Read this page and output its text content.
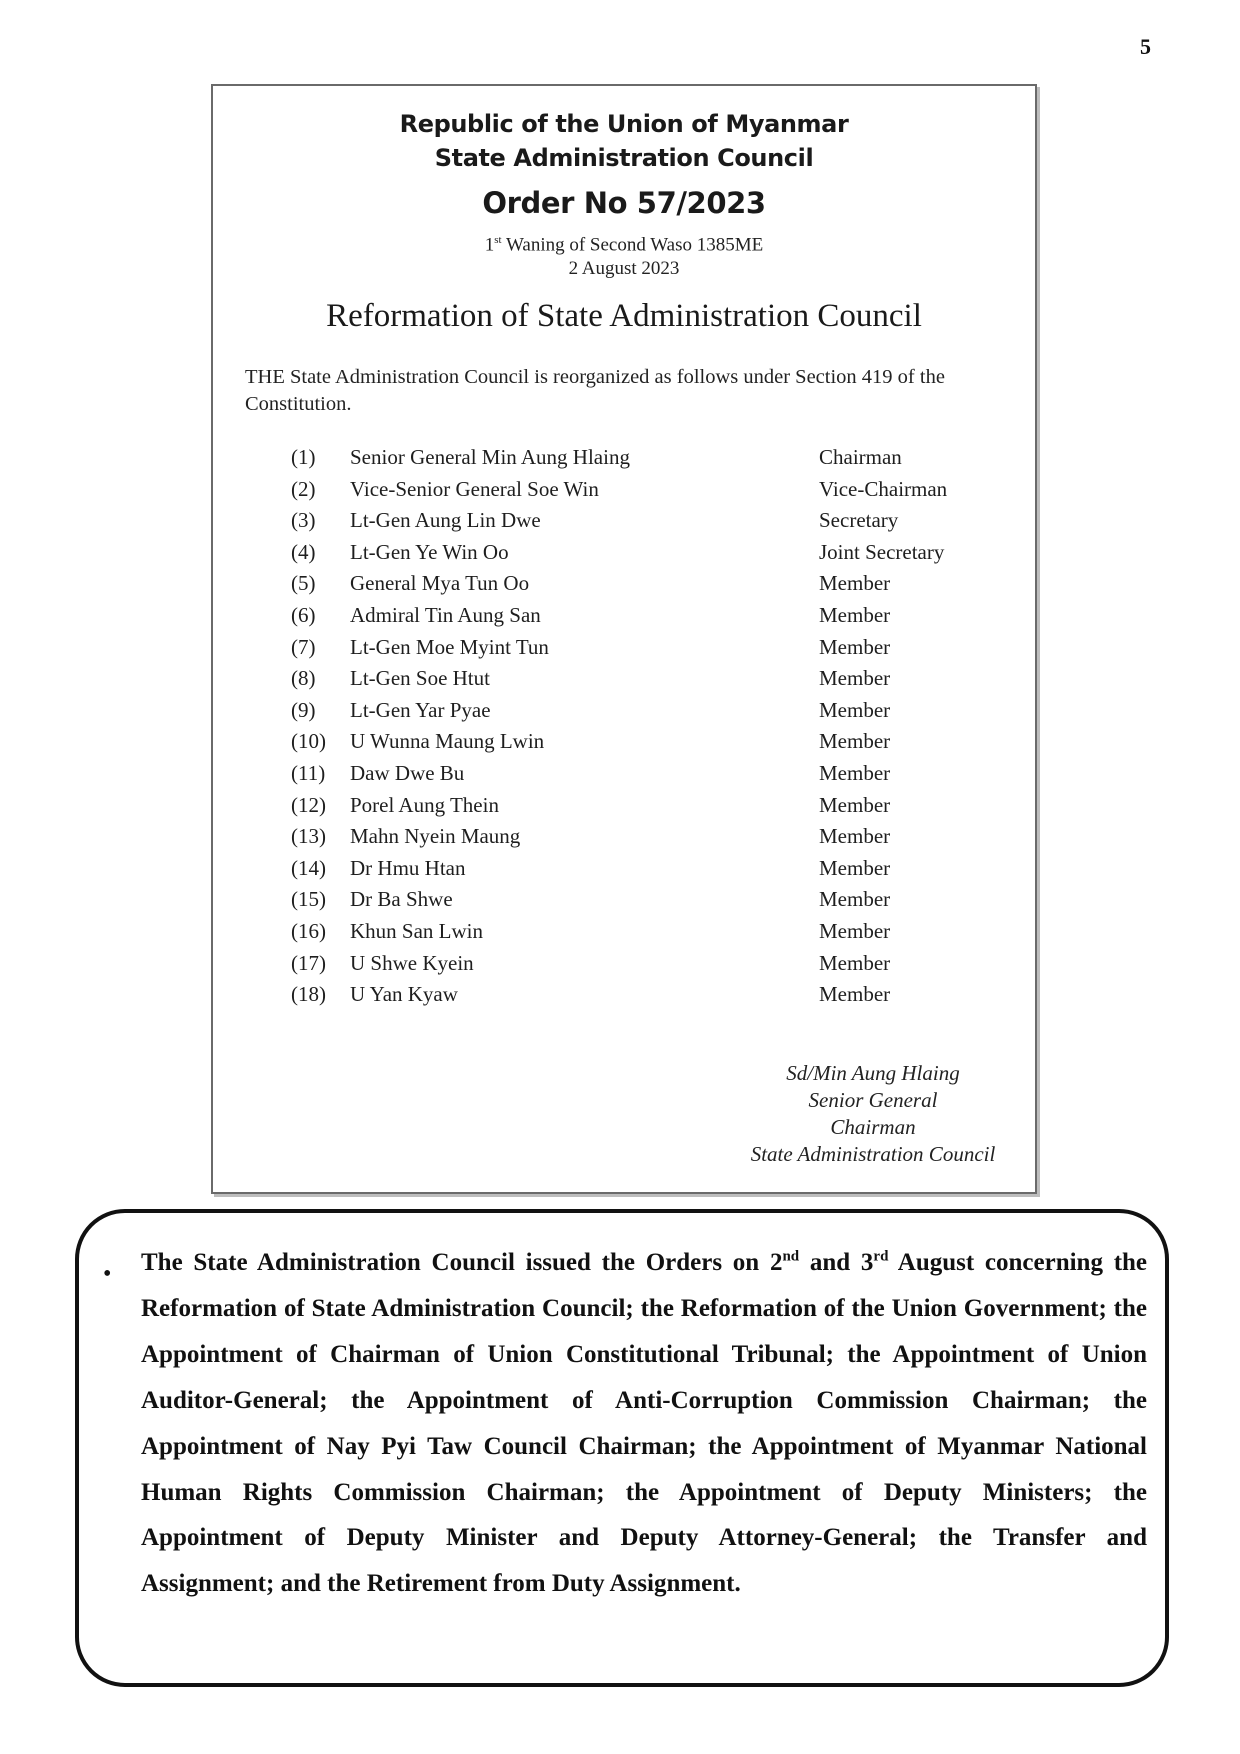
5
Republic of the Union of Myanmar
State Administration Council
Order No 57/2023
1st Waning of Second Waso 1385ME
2 August 2023
Reformation of State Administration Council
THE State Administration Council is reorganized as follows under Section 419 of the Constitution.
(1) Senior General Min Aung Hlaing	Chairman
(2) Vice-Senior General Soe Win	Vice-Chairman
(3) Lt-Gen Aung Lin Dwe	Secretary
(4) Lt-Gen Ye Win Oo	Joint Secretary
(5) General Mya Tun Oo	Member
(6) Admiral Tin Aung San	Member
(7) Lt-Gen Moe Myint Tun	Member
(8) Lt-Gen Soe Htut	Member
(9) Lt-Gen Yar Pyae	Member
(10) U Wunna Maung Lwin	Member
(11) Daw Dwe Bu	Member
(12) Porel Aung Thein	Member
(13) Mahn Nyein Maung	Member
(14) Dr Hmu Htan	Member
(15) Dr Ba Shwe	Member
(16) Khun San Lwin	Member
(17) U Shwe Kyein	Member
(18) U Yan Kyaw	Member
Sd/Min Aung Hlaing
Senior General
Chairman
State Administration Council
• The State Administration Council issued the Orders on 2nd and 3rd August concerning the Reformation of State Administration Council; the Reformation of the Union Government; the Appointment of Chairman of Union Constitutional Tribunal; the Appointment of Union Auditor-General; the Appointment of Anti-Corruption Commission Chairman; the Appointment of Nay Pyi Taw Council Chairman; the Appointment of Myanmar National Human Rights Commission Chairman; the Appointment of Deputy Ministers; the Appointment of Deputy Minister and Deputy Attorney-General; the Transfer and Assignment; and the Retirement from Duty Assignment.
